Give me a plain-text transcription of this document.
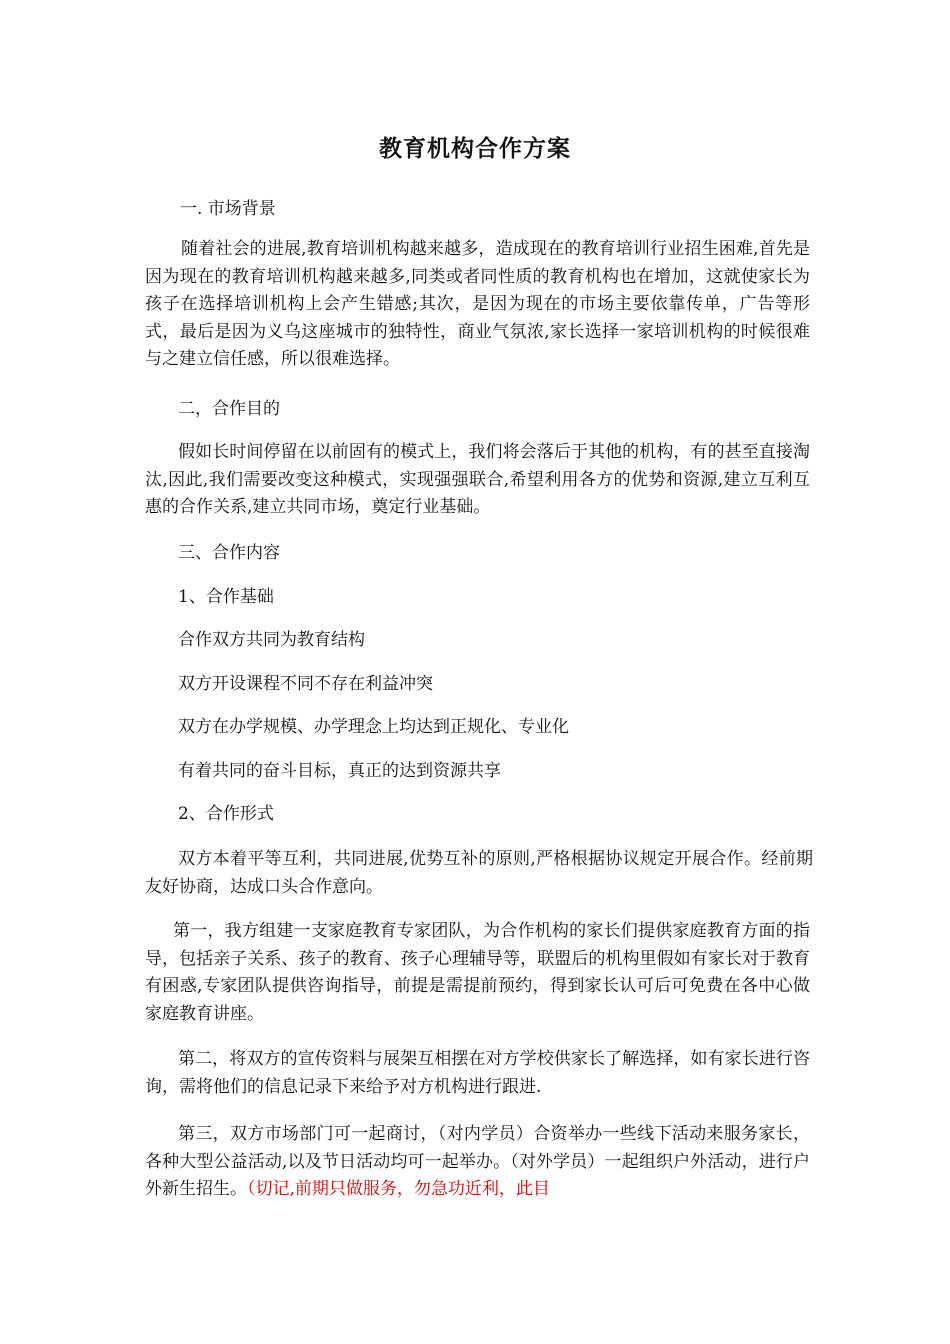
教育机构合作方案
一. 市场背景
随着社会的进展,教育培训机构越来越多，造成现在的教育培训行业招生困难,首先是因为现在的教育培训机构越来越多,同类或者同性质的教育机构也在增加，这就使家长为孩子在选择培训机构上会产生错感;其次，是因为现在的市场主要依靠传单，广告等形式，最后是因为义乌这座城市的独特性，商业气氛浓,家长选择一家培训机构的时候很难与之建立信任感，所以很难选择。
二，合作目的
假如长时间停留在以前固有的模式上，我们将会落后于其他的机构，有的甚至直接淘汰,因此,我们需要改变这种模式，实现强强联合,希望利用各方的优势和资源,建立互利互惠的合作关系,建立共同市场，奠定行业基础。
三、合作内容
1、合作基础
合作双方共同为教育结构
双方开设课程不同不存在利益冲突
双方在办学规模、办学理念上均达到正规化、专业化
有着共同的奋斗目标，真正的达到资源共享
2、合作形式
双方本着平等互利，共同进展,优势互补的原则,严格根据协议规定开展合作。经前期友好协商，达成口头合作意向。
第一，我方组建一支家庭教育专家团队，为合作机构的家长们提供家庭教育方面的指导，包括亲子关系、孩子的教育、孩子心理辅导等，联盟后的机构里假如有家长对于教育有困惑,专家团队提供咨询指导，前提是需提前预约，得到家长认可后可免费在各中心做家庭教育讲座。
第二，将双方的宣传资料与展架互相摆在对方学校供家长了解选择，如有家长进行咨询，需将他们的信息记录下来给予对方机构进行跟进.
第三，双方市场部门可一起商讨，（对内学员）合资举办一些线下活动来服务家长，各种大型公益活动,以及节日活动均可一起举办。（对外学员）一起组织户外活动，进行户外新生招生。（切记,前期只做服务，勿急功近利，此目
